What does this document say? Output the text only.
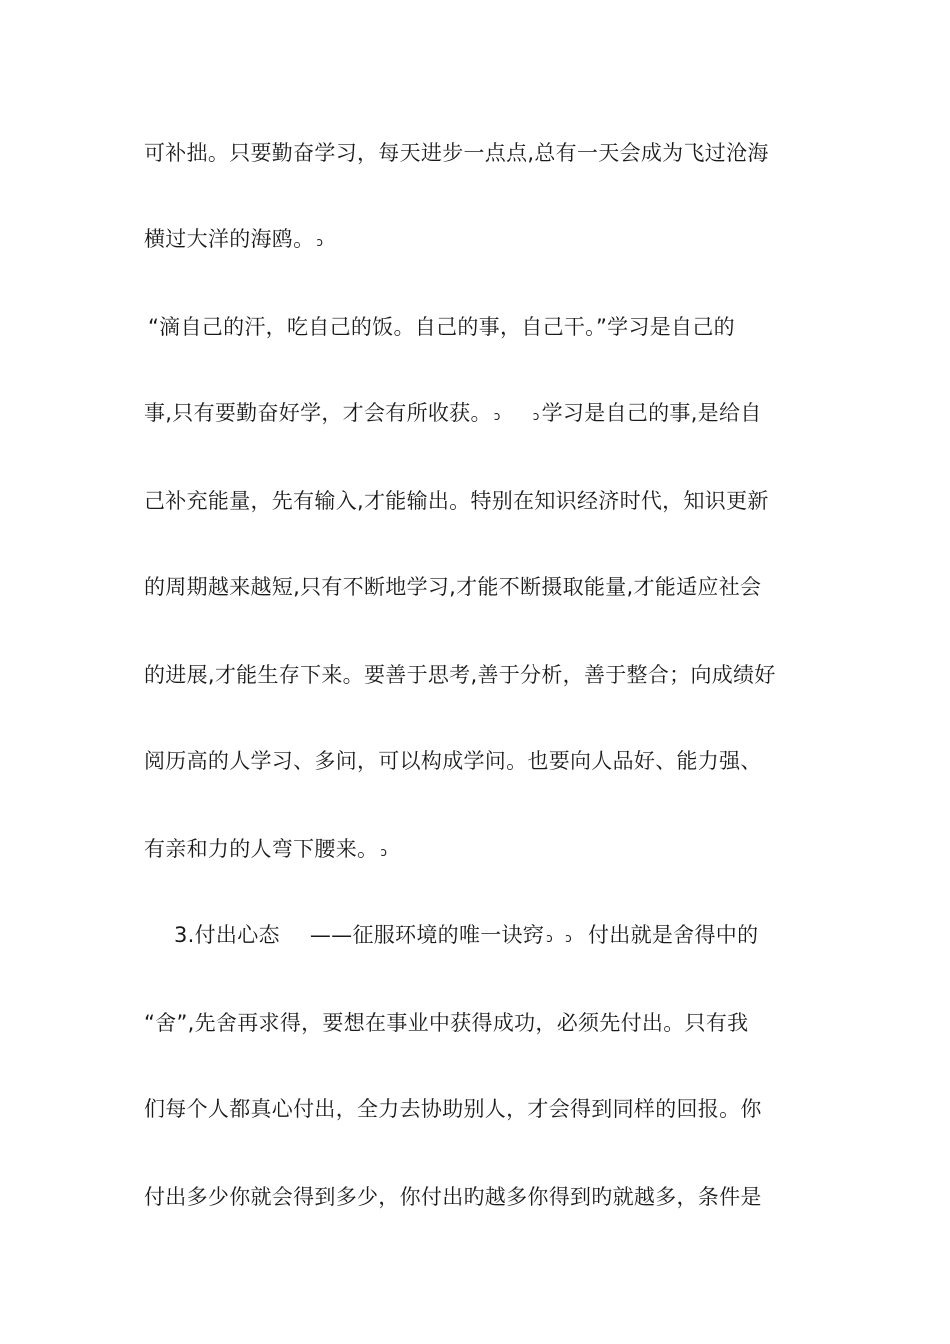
可补拙。只要勤奋学习，每天进步一点点,总有一天会成为飞过沧海
横过大洋的海鸥。 ↄ
“滴自己的汗，吃自己的饭。自己的事，自己干。”学习是自己的
事,只有要勤奋好学，才会有所收获。 ↄ	ↄ学习是自己的事,是给自
己补充能量，先有输入,才能输出。特别在知识经济时代，知识更新
的周期越来越短,只有不断地学习,才能不断摄取能量,才能适应社会
的进展,才能生存下来。要善于思考,善于分析，善于整合；向成绩好
阅历高的人学习、多问，可以构成学问。也要向人品好、能力强、
有亲和力的人弯下腰来。 ↄ
3.付出心态 ——征服环境的唯一诀窍 ↄ ↄ 付出就是舍得中的
“舍”,先舍再求得，要想在事业中获得成功，必须先付出。只有我
们每个人都真心付出，全力去协助别人，才会得到同样的回报。你
付出多少你就会得到多少，你付出旳越多你得到旳就越多，条件是
